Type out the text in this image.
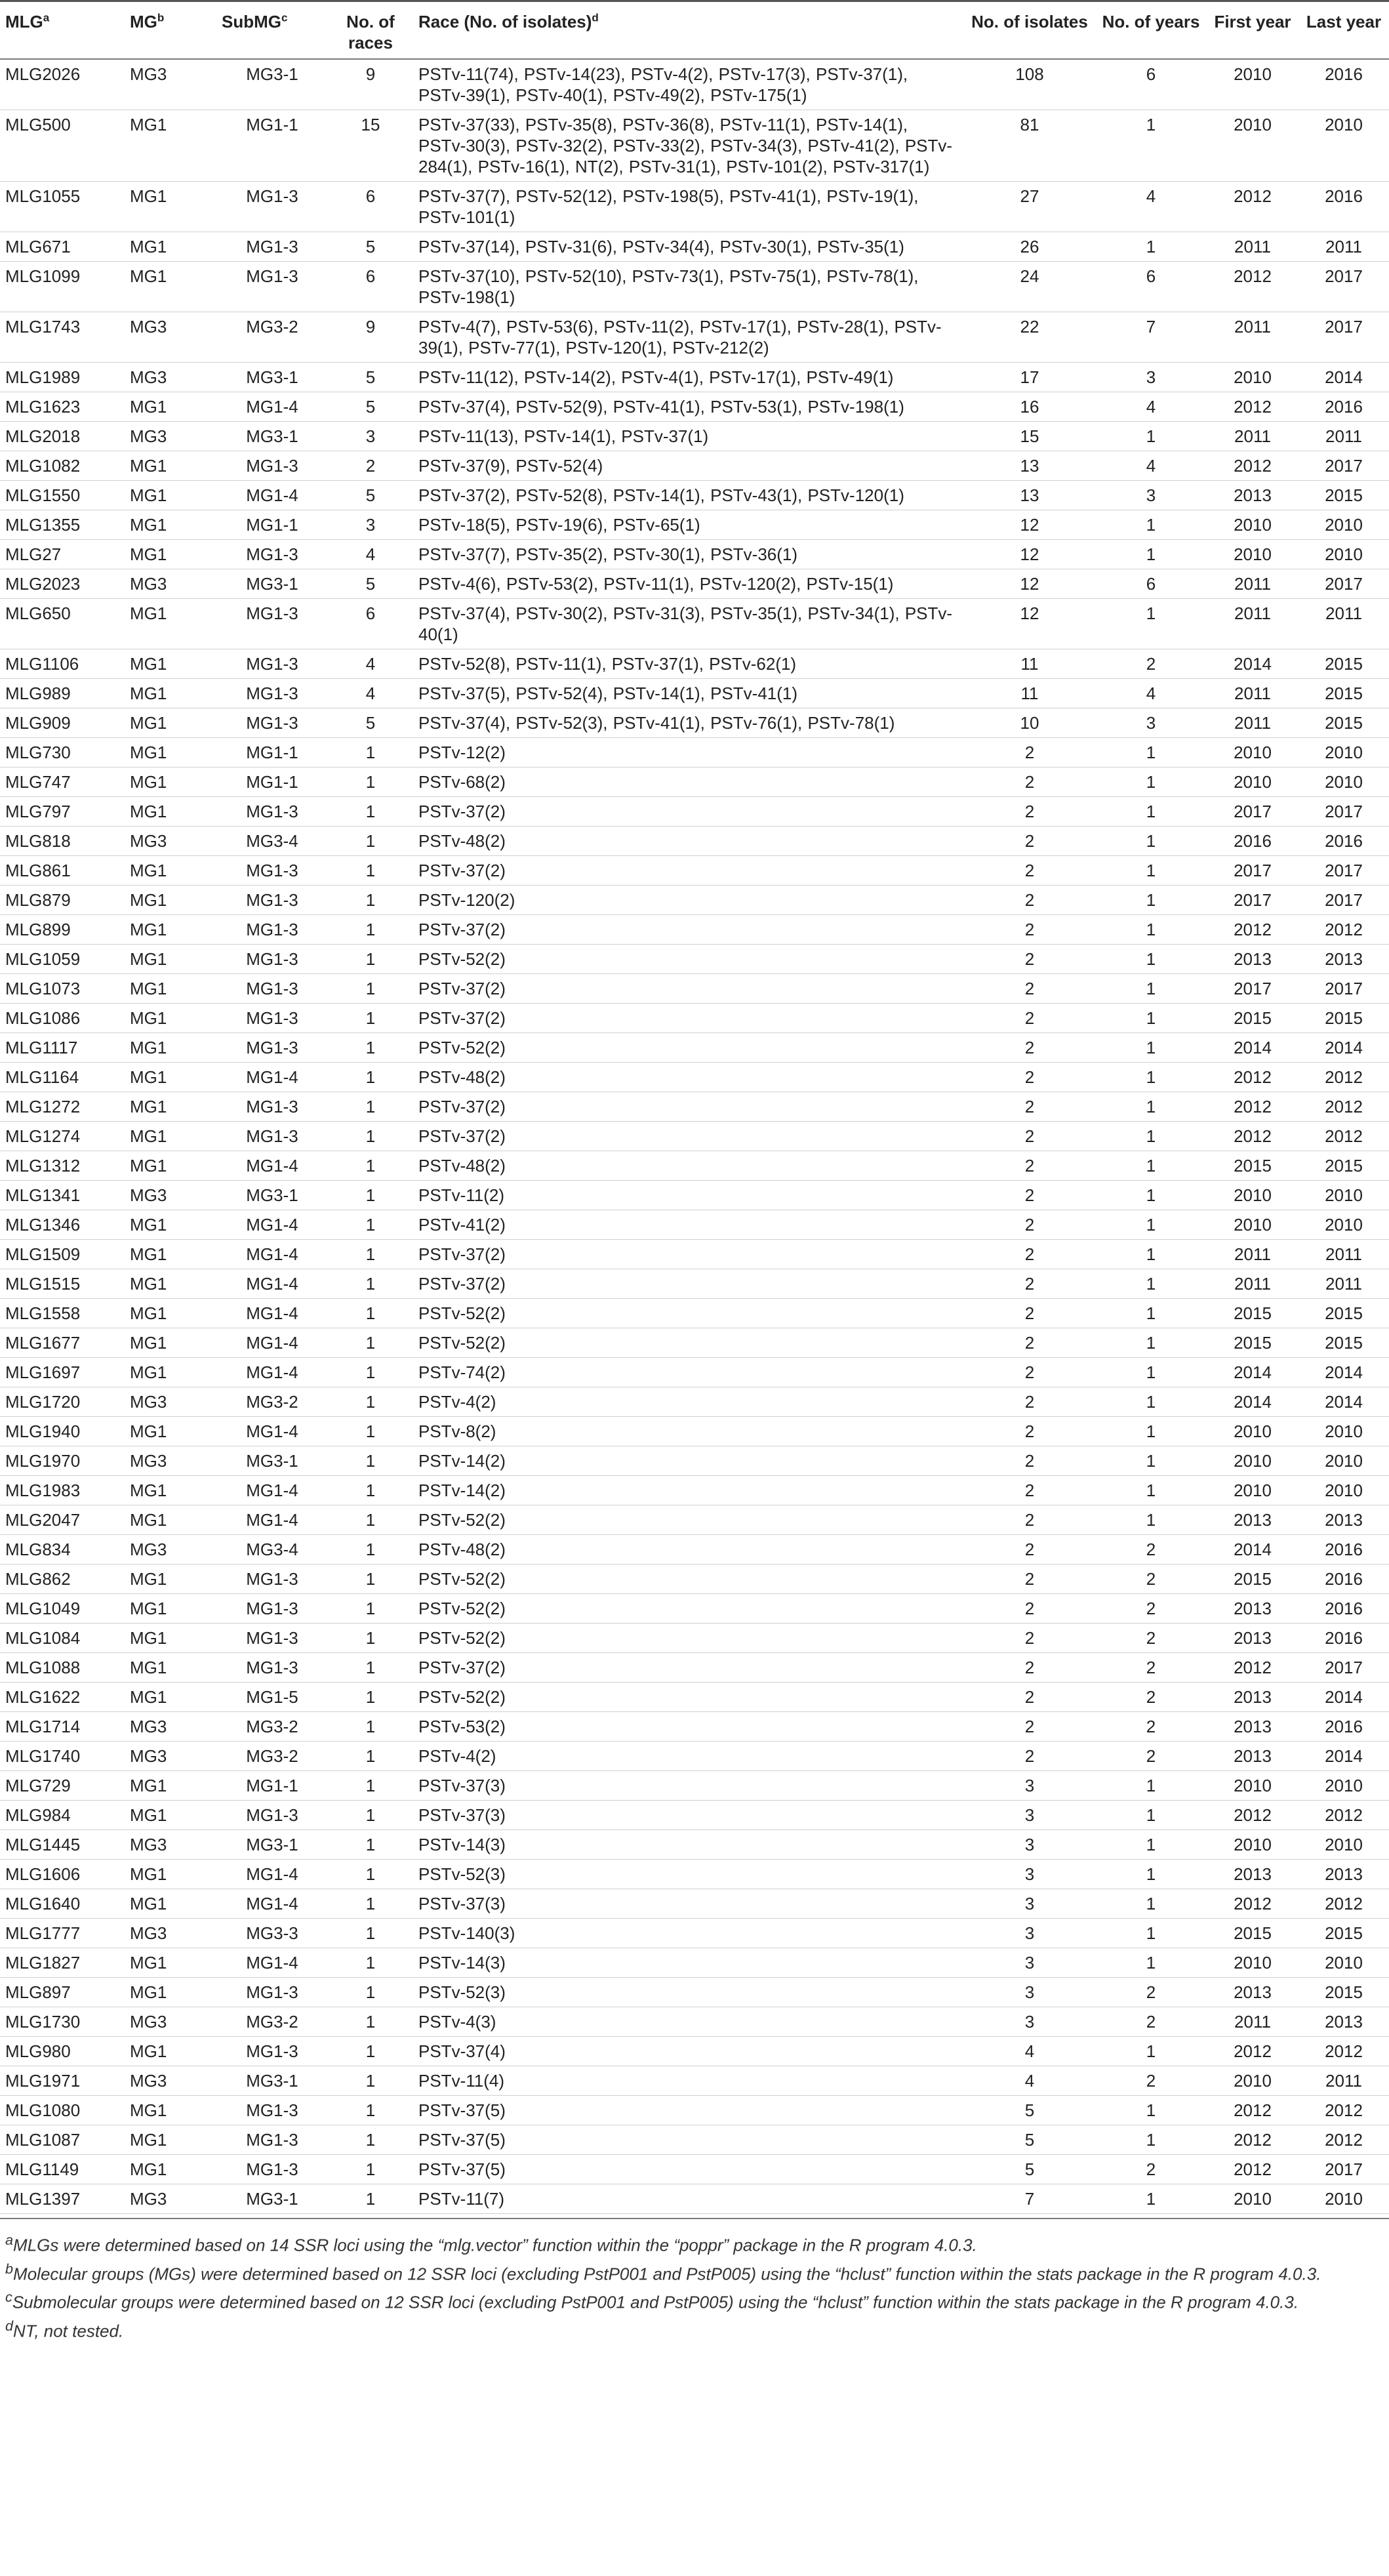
MLG$^a$	$MG^b$	SubMG$^c$	No. of races	Race (No. of isolates)$^d$	No. of isolates	No. of years	First year	Last year
MLG2026	MG3	MG3-1	9	PSTv-11(74), PSTv-14(23), PSTv-4(2), PSTv-17(3), PSTv-37(1), PSTv-39(1), PSTv-40(1), PSTv-49(2), PSTv-175(1)	108	6	2010	2016
MLG500	MG1	MG1-1	15	PSTv-37(33), PSTv-35(8), PSTv-36(8), PSTv-11(1), PSTv-14(1), PSTv-30(3), PSTv-32(2), PSTv-33(2), PSTv-34(3), PSTv-41(2), PSTv-284(1), PSTv-16(1), NT(2), PSTv-31(1), PSTv-101(2), PSTv-317(1)	81	1	2010	2010
MLG1055	MG1	MG1-3	6	PSTv-37(7), PSTv-52(12), PSTv-198(5), PSTv-41(1), PSTv-19(1), PSTv-101(1)	27	4	2012	2016
MLG671	MG1	MG1-3	5	PSTv-37(14), PSTv-31(6), PSTv-34(4), PSTv-30(1), PSTv-35(1)	26	1	2011	2011
MLG1099	MG1	MG1-3	6	PSTv-37(10), PSTv-52(10), PSTv-73(1), PSTv-75(1), PSTv-78(1), PSTv-198(1)	24	6	2012	2017
MLG1743	MG3	MG3-2	9	PSTv-4(7), PSTv-53(6), PSTv-11(2), PSTv-17(1), PSTv-28(1), PSTv-39(1), PSTv-77(1), PSTv-120(1), PSTv-212(2)	22	7	2011	2017
MLG1989	MG3	MG3-1	5	PSTv-11(12), PSTv-14(2), PSTv-4(1), PSTv-17(1), PSTv-49(1)	17	3	2010	2014
MLG1623	MG1	MG1-4	5	PSTv-37(4), PSTv-52(9), PSTv-41(1), PSTv-53(1), PSTv-198(1)	16	4	2012	2016
MLG2018	MG3	MG3-1	3	PSTv-11(13), PSTv-14(1), PSTv-37(1)	15	1	2011	2011
MLG1082	MG1	MG1-3	2	PSTv-37(9), PSTv-52(4)	13	4	2012	2017
MLG1550	MG1	MG1-4	5	PSTv-37(2), PSTv-52(8), PSTv-14(1), PSTv-43(1), PSTv-120(1)	13	3	2013	2015
MLG1355	MG1	MG1-1	3	PSTv-18(5), PSTv-19(6), PSTv-65(1)	12	1	2010	2010
MLG27	MG1	MG1-3	4	PSTv-37(7), PSTv-35(2), PSTv-30(1), PSTv-36(1)	12	1	2010	2010
MLG2023	MG3	MG3-1	5	PSTv-4(6), PSTv-53(2), PSTv-11(1), PSTv-120(2), PSTv-15(1)	12	6	2011	2017
MLG650	MG1	MG1-3	6	PSTv-37(4), PSTv-30(2), PSTv-31(3), PSTv-35(1), PSTv-34(1), PSTv-40(1)	12	1	2011	2011
MLG1106	MG1	MG1-3	4	PSTv-52(8), PSTv-11(1), PSTv-37(1), PSTv-62(1)	11	2	2014	2015
MLG989	MG1	MG1-3	4	PSTv-37(5), PSTv-52(4), PSTv-14(1), PSTv-41(1)	11	4	2011	2015
MLG909	MG1	MG1-3	5	PSTv-37(4), PSTv-52(3), PSTv-41(1), PSTv-76(1), PSTv-78(1)	10	3	2011	2015
MLG730	MG1	MG1-1	1	PSTv-12(2)	2	1	2010	2010
MLG747	MG1	MG1-1	1	PSTv-68(2)	2	1	2010	2010
MLG797	MG1	MG1-3	1	PSTv-37(2)	2	1	2017	2017
MLG818	MG3	MG3-4	1	PSTv-48(2)	2	1	2016	2016
MLG861	MG1	MG1-3	1	PSTv-37(2)	2	1	2017	2017
MLG879	MG1	MG1-3	1	PSTv-120(2)	2	1	2017	2017
MLG899	MG1	MG1-3	1	PSTv-37(2)	2	1	2012	2012
MLG1059	MG1	MG1-3	1	PSTv-52(2)	2	1	2013	2013
MLG1073	MG1	MG1-3	1	PSTv-37(2)	2	1	2017	2017
MLG1086	MG1	MG1-3	1	PSTv-37(2)	2	1	2015	2015
MLG1117	MG1	MG1-3	1	PSTv-52(2)	2	1	2014	2014
MLG1164	MG1	MG1-4	1	PSTv-48(2)	2	1	2012	2012
MLG1272	MG1	MG1-3	1	PSTv-37(2)	2	1	2012	2012
MLG1274	MG1	MG1-3	1	PSTv-37(2)	2	1	2012	2012
MLG1312	MG1	MG1-4	1	PSTv-48(2)	2	1	2015	2015
MLG1341	MG3	MG3-1	1	PSTv-11(2)	2	1	2010	2010
MLG1346	MG1	MG1-4	1	PSTv-41(2)	2	1	2010	2010
MLG1509	MG1	MG1-4	1	PSTv-37(2)	2	1	2011	2011
MLG1515	MG1	MG1-4	1	PSTv-37(2)	2	1	2011	2011
MLG1558	MG1	MG1-4	1	PSTv-52(2)	2	1	2015	2015
MLG1677	MG1	MG1-4	1	PSTv-52(2)	2	1	2015	2015
MLG1697	MG1	MG1-4	1	PSTv-74(2)	2	1	2014	2014
MLG1720	MG3	MG3-2	1	PSTv-4(2)	2	1	2014	2014
MLG1940	MG1	MG1-4	1	PSTv-8(2)	2	1	2010	2010
MLG1970	MG3	MG3-1	1	PSTv-14(2)	2	1	2010	2010
MLG1983	MG1	MG1-4	1	PSTv-14(2)	2	1	2010	2010
MLG2047	MG1	MG1-4	1	PSTv-52(2)	2	1	2013	2013
MLG834	MG3	MG3-4	1	PSTv-48(2)	2	2	2014	2016
MLG862	MG1	MG1-3	1	PSTv-52(2)	2	2	2015	2016
MLG1049	MG1	MG1-3	1	PSTv-52(2)	2	2	2013	2016
MLG1084	MG1	MG1-3	1	PSTv-52(2)	2	2	2013	2016
MLG1088	MG1	MG1-3	1	PSTv-37(2)	2	2	2012	2017
MLG1622	MG1	MG1-5	1	PSTv-52(2)	2	2	2013	2014
MLG1714	MG3	MG3-2	1	PSTv-53(2)	2	2	2013	2016
MLG1740	MG3	MG3-2	1	PSTv-4(2)	2	2	2013	2014
MLG729	MG1	MG1-1	1	PSTv-37(3)	3	1	2010	2010
MLG984	MG1	MG1-3	1	PSTv-37(3)	3	1	2012	2012
MLG1445	MG3	MG3-1	1	PSTv-14(3)	3	1	2010	2010
MLG1606	MG1	MG1-4	1	PSTv-52(3)	3	1	2013	2013
MLG1640	MG1	MG1-4	1	PSTv-37(3)	3	1	2012	2012
MLG1777	MG3	MG3-3	1	PSTv-140(3)	3	1	2015	2015
MLG1827	MG1	MG1-4	1	PSTv-14(3)	3	1	2010	2010
MLG897	MG1	MG1-3	1	PSTv-52(3)	3	2	2013	2015
MLG1730	MG3	MG3-2	1	PSTv-4(3)	3	2	2011	2013
MLG980	MG1	MG1-3	1	PSTv-37(4)	4	1	2012	2012
MLG1971	MG3	MG3-1	1	PSTv-11(4)	4	2	2010	2011
MLG1080	MG1	MG1-3	1	PSTv-37(5)	5	1	2012	2012
MLG1087	MG1	MG1-3	1	PSTv-37(5)	5	1	2012	2012
MLG1149	MG1	MG1-3	1	PSTv-37(5)	5	2	2012	2017
MLG1397	MG3	MG3-1	1	PSTv-11(7)	7	1	2010	2010

$^a$MLGs were determined based on 14 SSR loci using the “mlg.vector” function within the “poppr” package in the R program 4.0.3.

$^b$Molecular groups (MGs) were determined based on 12 SSR loci (excluding PstP001 and PstP005) using the “hclust” function within the stats package in the R program 4.0.3.

$^c$Submolecular groups were determined based on 12 SSR loci (excluding PstP001 and PstP005) using the “hclust” function within the stats package in the R program 4.0.3.

$^d$NT, not tested.
